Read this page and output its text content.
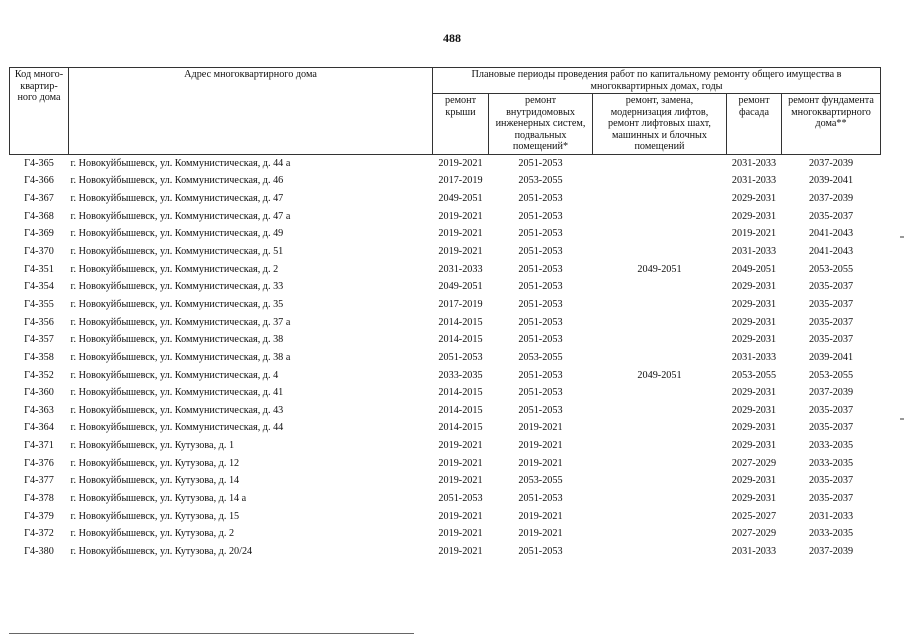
488
Код много-квартир-ного дома	Адрес многоквартирного дома	Плановые периоды проведения работ по капитальному ремонту общего имущества в многоквартирных домах, годы				
		ремонт крыши	ремонт внутридомовых инженерных систем, подвальных помещений*	ремонт, замена, модернизация лифтов, ремонт лифтовых шахт, машинных и блочных помещений	ремонт фасада	ремонт фундамента многоквартирного дома**
Г4-365	г. Новокуйбышевск, ул. Коммунистическая, д. 44 а	2019-2021	2051-2053		2031-2033	2037-2039
Г4-366	г. Новокуйбышевск, ул. Коммунистическая, д. 46	2017-2019	2053-2055		2031-2033	2039-2041
Г4-367	г. Новокуйбышевск, ул. Коммунистическая, д. 47	2049-2051	2051-2053		2029-2031	2037-2039
Г4-368	г. Новокуйбышевск, ул. Коммунистическая, д. 47 а	2019-2021	2051-2053		2029-2031	2035-2037
Г4-369	г. Новокуйбышевск, ул. Коммунистическая, д. 49	2019-2021	2051-2053		2019-2021	2041-2043
Г4-370	г. Новокуйбышевск, ул. Коммунистическая, д. 51	2019-2021	2051-2053		2031-2033	2041-2043
Г4-351	г. Новокуйбышевск, ул. Коммунистическая, д. 2	2031-2033	2051-2053	2049-2051	2049-2051	2053-2055
Г4-354	г. Новокуйбышевск, ул. Коммунистическая, д. 33	2049-2051	2051-2053		2029-2031	2035-2037
Г4-355	г. Новокуйбышевск, ул. Коммунистическая, д. 35	2017-2019	2051-2053		2029-2031	2035-2037
Г4-356	г. Новокуйбышевск, ул. Коммунистическая, д. 37 а	2014-2015	2051-2053		2029-2031	2035-2037
Г4-357	г. Новокуйбышевск, ул. Коммунистическая, д. 38	2014-2015	2051-2053		2029-2031	2035-2037
Г4-358	г. Новокуйбышевск, ул. Коммунистическая, д. 38 а	2051-2053	2053-2055		2031-2033	2039-2041
Г4-352	г. Новокуйбышевск, ул. Коммунистическая, д. 4	2033-2035	2051-2053	2049-2051	2053-2055	2053-2055
Г4-360	г. Новокуйбышевск, ул. Коммунистическая, д. 41	2014-2015	2051-2053		2029-2031	2037-2039
Г4-363	г. Новокуйбышевск, ул. Коммунистическая, д. 43	2014-2015	2051-2053		2029-2031	2035-2037
Г4-364	г. Новокуйбышевск, ул. Коммунистическая, д. 44	2014-2015	2019-2021		2029-2031	2035-2037
Г4-371	г. Новокуйбышевск, ул. Кутузова, д. 1	2019-2021	2019-2021		2029-2031	2033-2035
Г4-376	г. Новокуйбышевск, ул. Кутузова, д. 12	2019-2021	2019-2021		2027-2029	2033-2035
Г4-377	г. Новокуйбышевск, ул. Кутузова, д. 14	2019-2021	2053-2055		2029-2031	2035-2037
Г4-378	г. Новокуйбышевск, ул. Кутузова, д. 14 а	2051-2053	2051-2053		2029-2031	2035-2037
Г4-379	г. Новокуйбышевск, ул. Кутузова, д. 15	2019-2021	2019-2021		2025-2027	2031-2033
Г4-372	г. Новокуйбышевск, ул. Кутузова, д. 2	2019-2021	2019-2021		2027-2029	2033-2035
Г4-380	г. Новокуйбышевск, ул. Кутузова, д. 20/24	2019-2021	2051-2053		2031-2033	2037-2039
